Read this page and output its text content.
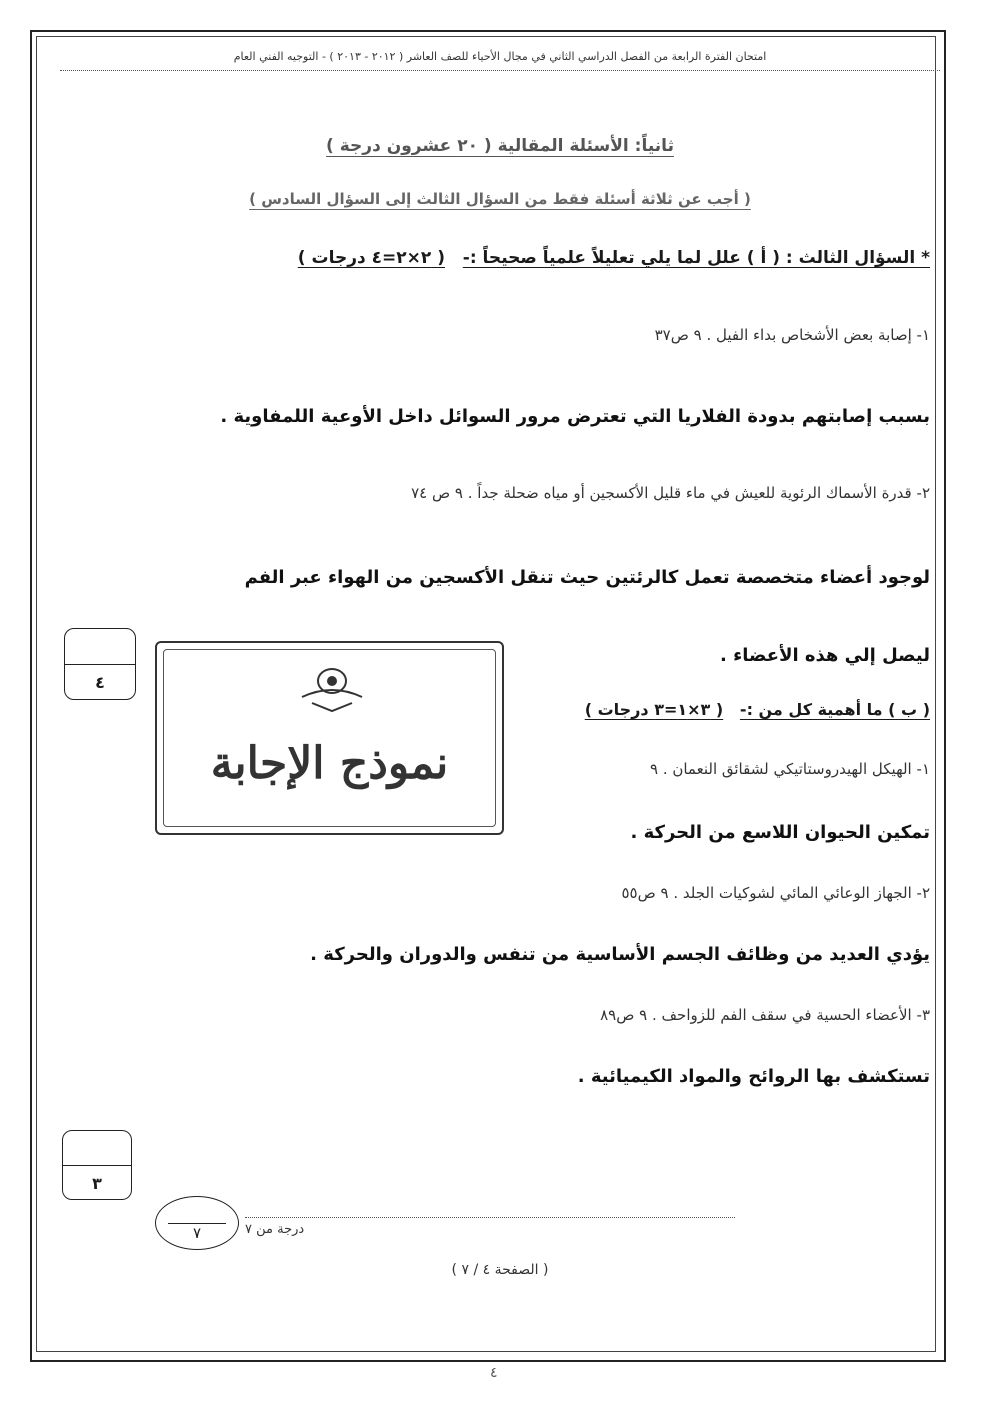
امتحان الفترة الرابعة من الفصل الدراسي الثاني في مجال الأحياء للصف العاشر ( ٢٠١٢ - ٢٠١٣ ) - التوجيه الفني العام
ثانياً: الأسئلة المقالية ( ٢٠ عشرون درجة )
( أجب عن ثلاثة أسئلة فقط من السؤال الثالث إلى السؤال السادس )
* السؤال الثالث : ( أ ) علل لما يلي تعليلاً علمياً صحيحاً :-   ( ٢×٢=٤ درجات )
١- إصابة بعض الأشخاص بداء الفيل . ٩ ص٣٧
بسبب إصابتهم بدودة الفلاريا التي تعترض مرور السوائل داخل الأوعية اللمفاوية .
٢- قدرة الأسماك الرئوية للعيش في ماء قليل الأكسجين أو مياه ضحلة جداً . ٩ ص ٧٤
لوجود أعضاء متخصصة تعمل كالرئتين حيث تنقل الأكسجين من الهواء عبر الفم
ليصل إلي هذه الأعضاء .
٤
نموذج الإجابة
( ب ) ما أهمية كل من :-   ( ٣×١=٣ درجات )
١- الهيكل الهيدروستاتيكي لشقائق النعمان . ٩
تمكين الحيوان اللاسع من الحركة .
٢- الجهاز الوعائي المائي لشوكيات الجلد . ٩ ص٥٥
يؤدي العديد من وظائف الجسم الأساسية من تنفس والدوران والحركة .
٣- الأعضاء الحسية في سقف الفم للزواحف . ٩ ص٨٩
تستكشف بها الروائح والمواد الكيميائية .
٣
٧	درجة من ٧
( الصفحة ٤ / ٧ )
٤
